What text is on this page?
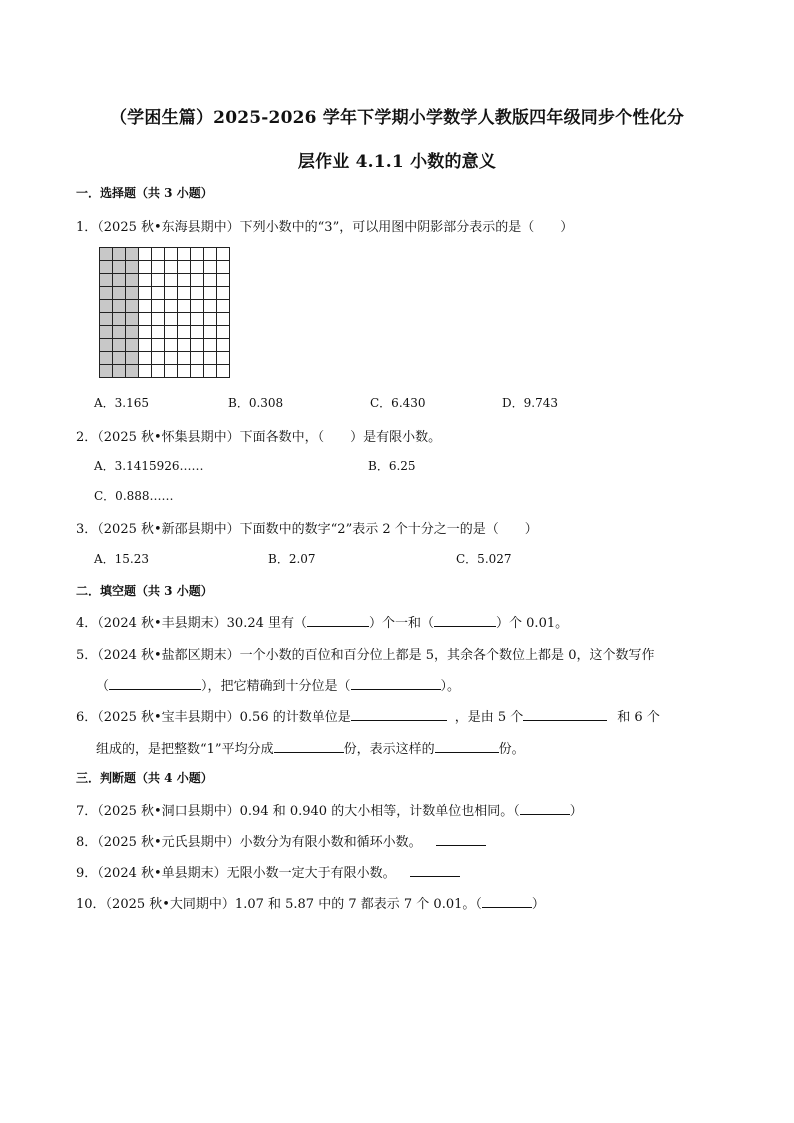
（学困生篇）2025-2026 学年下学期小学数学人教版四年级同步个性化分
层作业 4.1.1 小数的意义
一．选择题（共 3 小题）
1．（2025 秋•东海县期中）下列小数中的“3”，可以用图中阴影部分表示的是（　　）
A．3.165	B．0.308	C．6.430	D．9.743
2．（2025 秋•怀集县期中）下面各数中，（　　）是有限小数。
A．3.1415926……	B．6.25
C．0.888……
3．（2025 秋•新邵县期中）下面数中的数字“2”表示 2 个十分之一的是（　　）
A．15.23	B．2.07	C．5.027
二．填空题（共 3 小题）
4．（2024 秋•丰县期末）30.24 里有（	）个一和（	）个 0.01。
5．（2024 秋•盐都区期末）一个小数的百位和百分位上都是 5，其余各个数位上都是 0，这个数写作
（	），把它精确到十分位是（	）。
6．（2025 秋•宝丰县期中）0.56 的计数单位是	，是由 5 个	和 6 个
组成的，是把整数“1”平均分成	份，表示这样的	份。
三．判断题（共 4 小题）
7．（2025 秋•洞口县期中）0.94 和 0.940 的大小相等，计数单位也相同。（	）
8．（2025 秋•元氏县期中）小数分为有限小数和循环小数。
9．（2024 秋•单县期末）无限小数一定大于有限小数。
10．（2025 秋•大同期中）1.07 和 5.87 中的 7 都表示 7 个 0.01。（	）
